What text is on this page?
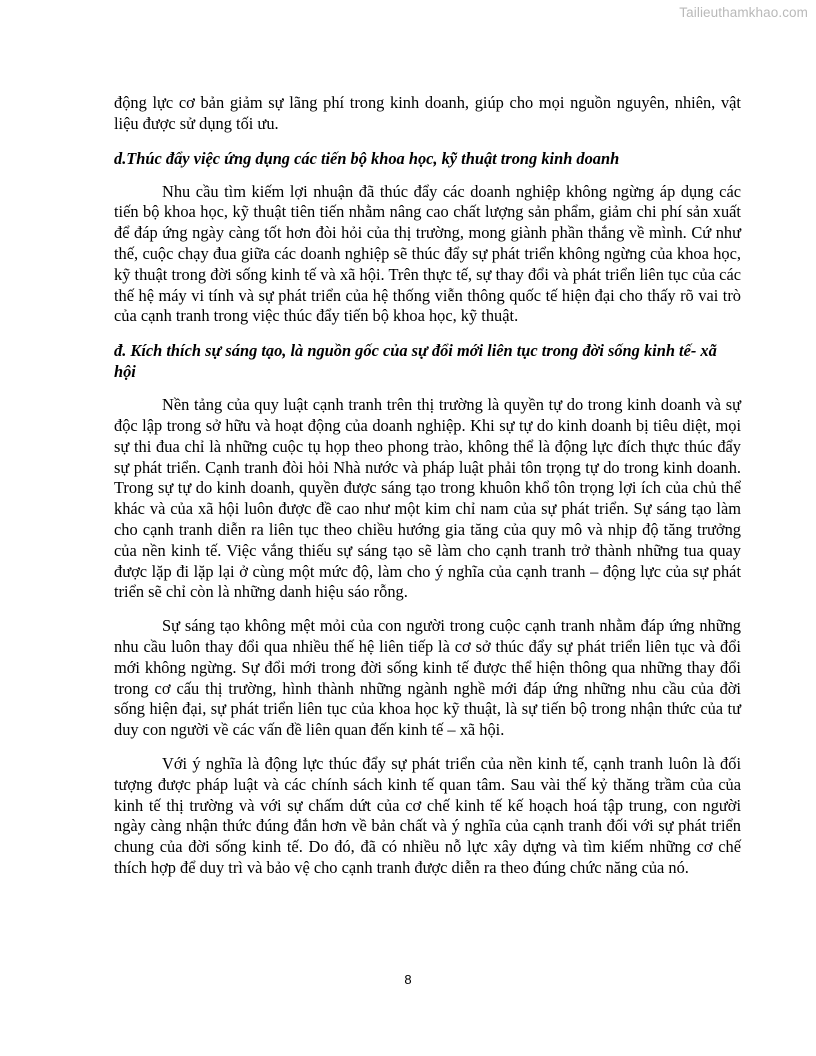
Tailieuthamkhao.com

động lực cơ bản giảm sự lãng phí trong kinh doanh, giúp cho mọi nguồn nguyên, nhiên, vật liệu được sử dụng tối ưu.

d.Thúc đẩy việc ứng dụng các tiến bộ khoa học, kỹ thuật trong kinh doanh

Nhu cầu tìm kiếm lợi nhuận đã thúc đẩy các doanh nghiệp không ngừng áp dụng các tiến bộ khoa học, kỹ thuật tiên tiến nhằm nâng cao chất lượng sản phẩm, giảm chi phí sản xuất để đáp ứng ngày càng tốt hơn đòi hỏi của thị trường, mong giành phần thắng về mình. Cứ như thế, cuộc chạy đua giữa các doanh nghiệp sẽ thúc đẩy sự phát triển không ngừng của khoa học, kỹ thuật trong đời sống kinh tế và xã hội. Trên thực tế, sự thay đổi và phát triển liên tục của các thế hệ máy vi tính và sự phát triển của hệ thống viễn thông quốc tế hiện đại cho thấy rõ vai trò của cạnh tranh trong việc thúc đẩy tiến bộ khoa học, kỹ thuật.

đ. Kích thích sự sáng tạo, là nguồn gốc của sự đổi mới liên tục trong đời sống kinh tế- xã hội

Nền tảng của quy luật cạnh tranh trên thị trường là quyền tự do trong kinh doanh và sự độc lập trong sở hữu và hoạt động của doanh nghiệp. Khi sự tự do kinh doanh bị tiêu diệt, mọi sự thi đua chỉ là những cuộc tụ họp theo phong trào, không thể là động lực đích thực thúc đẩy sự phát triển. Cạnh tranh đòi hỏi Nhà nước và pháp luật phải tôn trọng tự do trong kinh doanh. Trong sự tự do kinh doanh, quyền được sáng tạo trong khuôn khổ tôn trọng lợi ích của chủ thể khác và của xã hội luôn được đề cao như một kim chỉ nam của sự phát triển. Sự sáng tạo làm cho cạnh tranh diễn ra liên tục theo chiều hướng gia tăng của quy mô và nhịp độ tăng trưởng của nền kinh tế. Việc vắng thiếu sự sáng tạo sẽ làm cho cạnh tranh trở thành những tua quay được lặp đi lặp lại ở cùng một mức độ, làm cho ý nghĩa của cạnh tranh – động lực của sự phát triển sẽ chỉ còn là những danh hiệu sáo rỗng.

Sự sáng tạo không mệt mỏi của con người trong cuộc cạnh tranh nhằm đáp ứng những nhu cầu luôn thay đổi qua nhiều thế hệ liên tiếp là cơ sở thúc đẩy sự phát triển liên tục và đổi mới không ngừng. Sự đổi mới trong đời sống kinh tế được thể hiện thông qua những thay đổi trong cơ cấu thị trường, hình thành những ngành nghề mới đáp ứng những nhu cầu của đời sống hiện đại, sự phát triển liên tục của khoa học kỹ thuật, là sự tiến bộ trong nhận thức của tư duy con người về các vấn đề liên quan đến kinh tế – xã hội.

Với ý nghĩa là động lực thúc đẩy sự phát triển của nền kinh tế, cạnh tranh luôn là đối tượng được pháp luật và các chính sách kinh tế quan tâm. Sau vài thế kỷ thăng trầm của của kinh tế thị trường và với sự chấm dứt của cơ chế kinh tế kế hoạch hoá tập trung, con người ngày càng nhận thức đúng đắn hơn về bản chất và ý nghĩa của cạnh tranh đối với sự phát triển chung của đời sống kinh tế. Do đó, đã có nhiều nỗ lực xây dựng và tìm kiếm những cơ chế thích hợp để duy trì và bảo vệ cho cạnh tranh được diễn ra theo đúng chức năng của nó.

8
